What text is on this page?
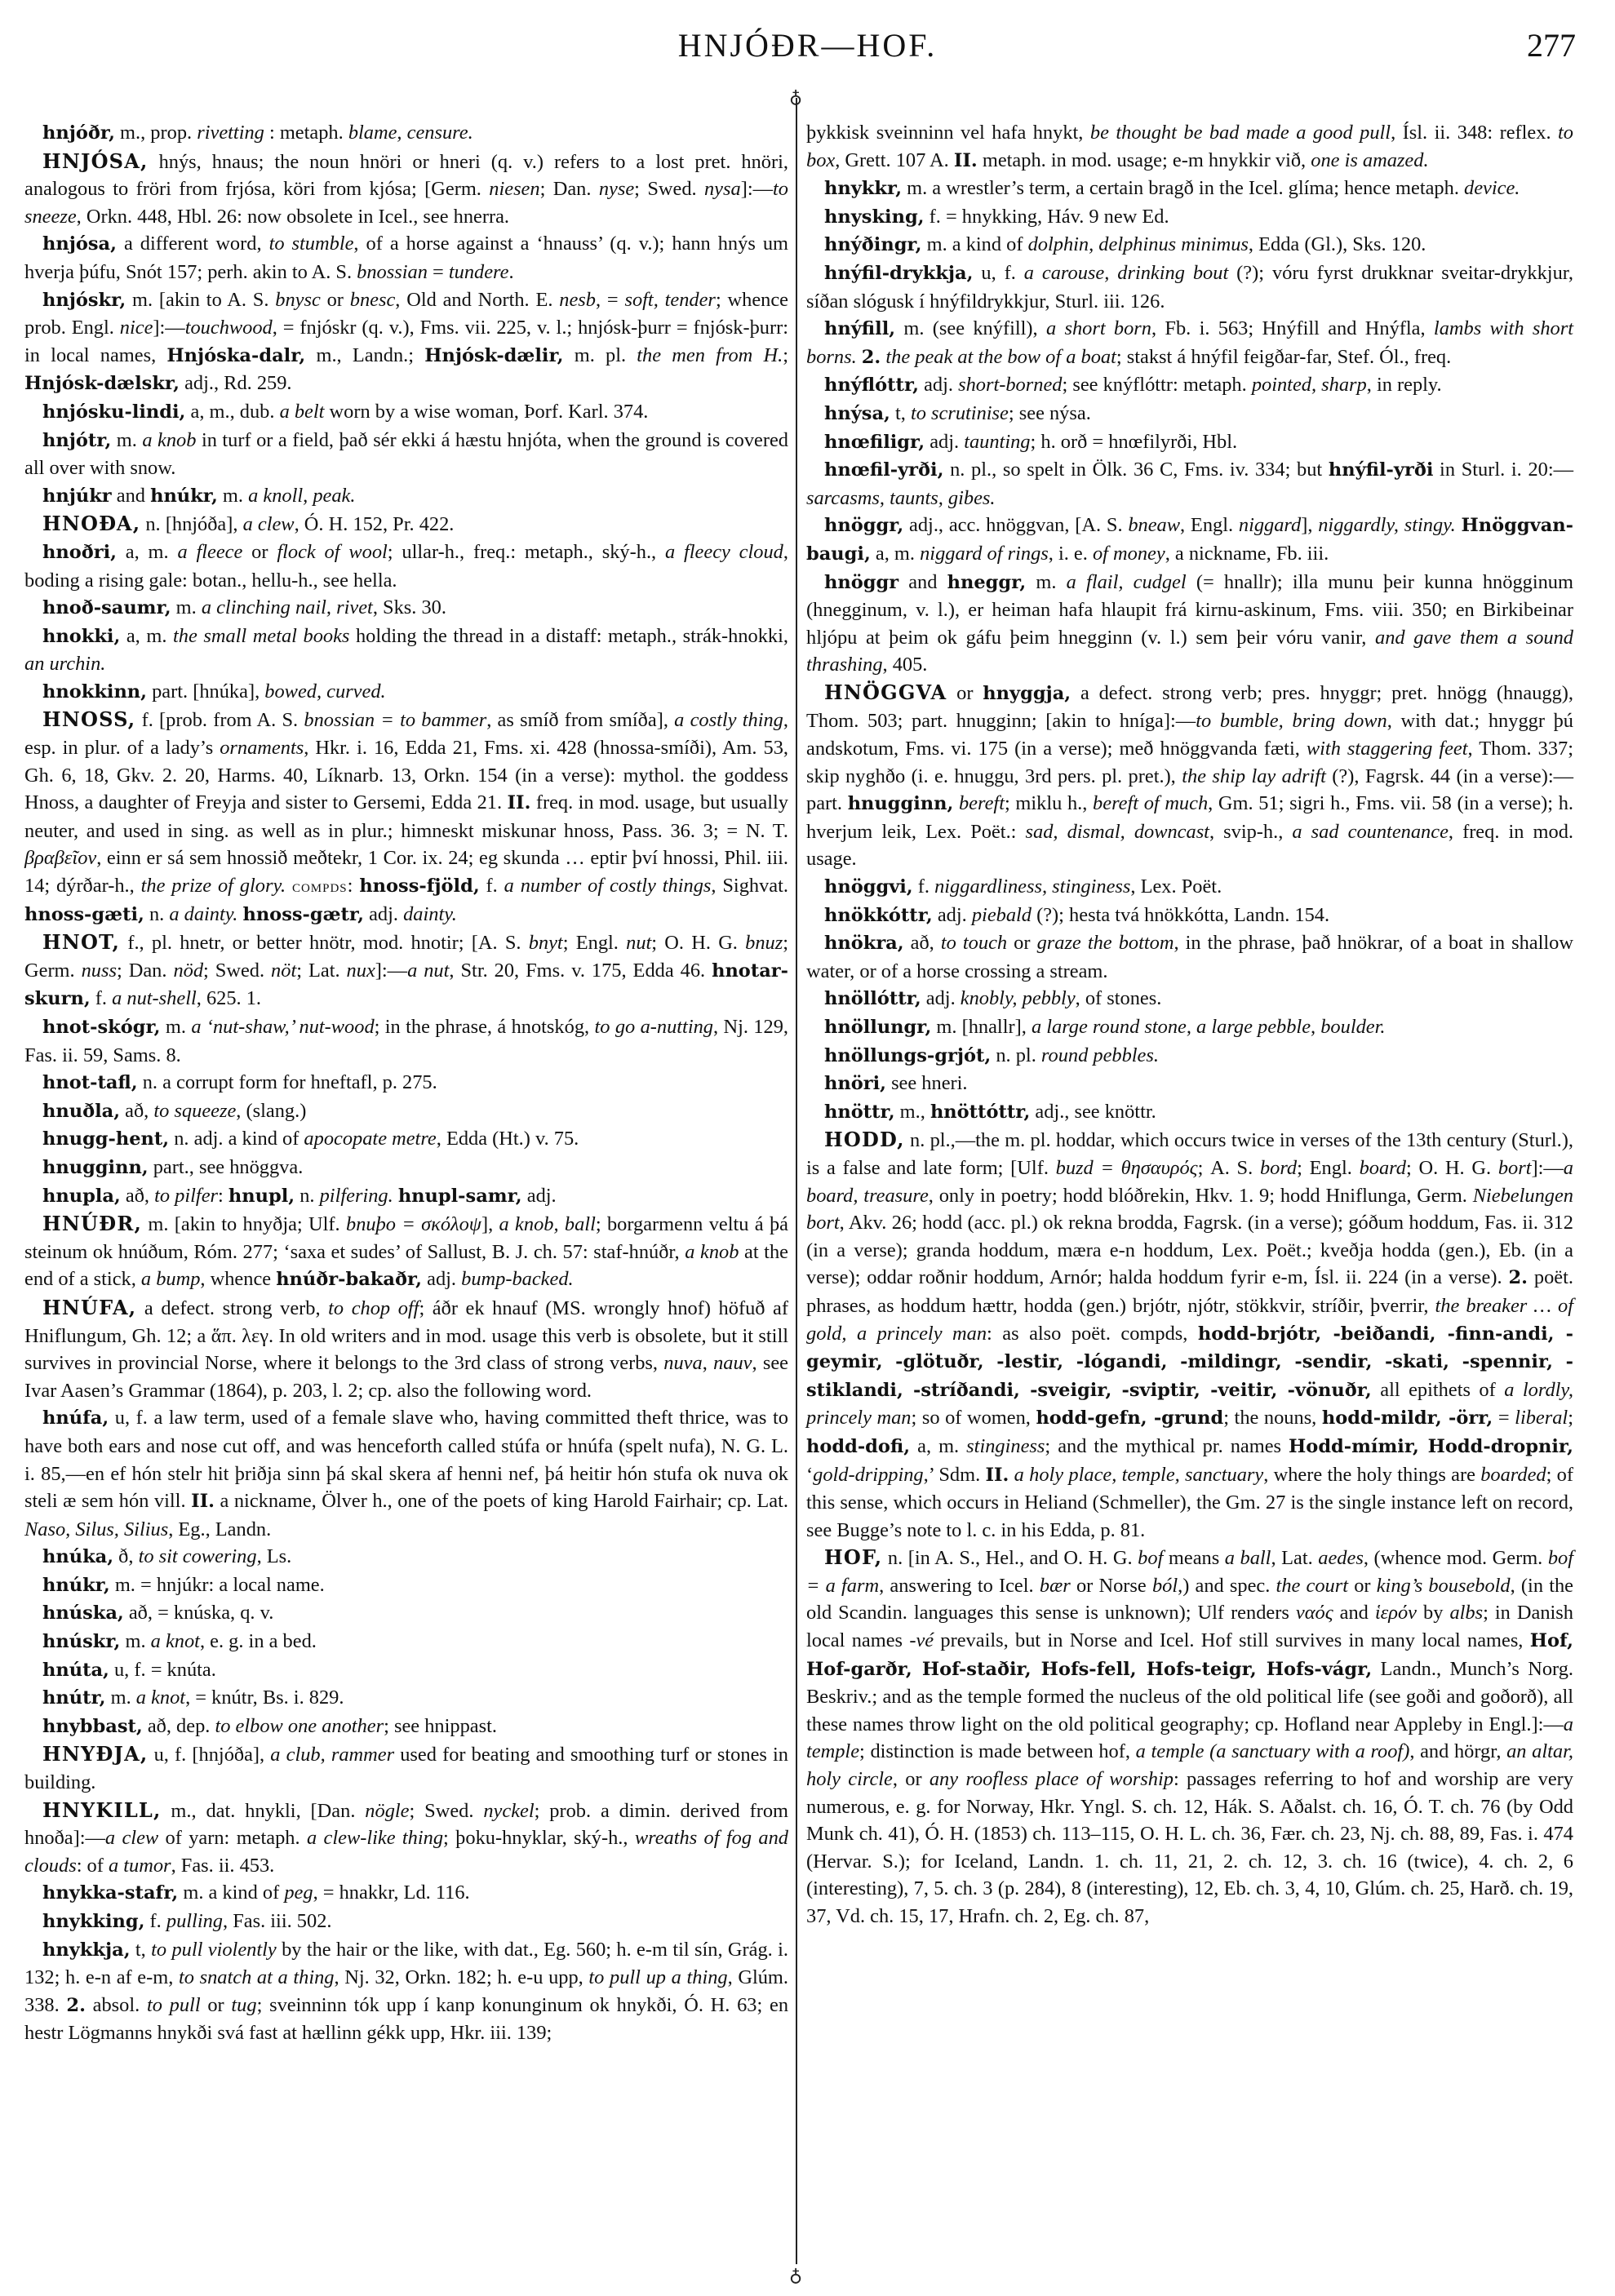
HNJÓÐR—HOF.	277
♁
♁

hnjóðr, m., prop. rivetting : metaph. blame, censure.

HNJÓSA, hnýs, hnaus; the noun hnöri or hneri (q. v.) refers to a lost pret. hnöri, analogous to fröri from frjósa, köri from kjósa; [Germ. niesen; Dan. nyse; Swed. nysa]:—to sneeze, Orkn. 448, Hbl. 26: now obsolete in Icel., see hnerra.

hnjósa, a different word, to stumble, of a horse against a ‘hnauss’ (q. v.); hann hnýs um hverja þúfu, Snót 157; perh. akin to A. S. bnossian = tundere.

hnjóskr, m. [akin to A. S. bnysc or bnesc, Old and North. E. nesb, = soft, tender; whence prob. Engl. nice]:—touchwood, = fnjóskr (q. v.), Fms. vii. 225, v. l.; hnjósk-þurr = fnjósk-þurr: in local names, Hnjóska-dalr, m., Landn.; Hnjósk-dælir, m. pl. the men from H.; Hnjósk-dælskr, adj., Rd. 259.

hnjósku-lindi, a, m., dub. a belt worn by a wise woman, Þorf. Karl. 374.

hnjótr, m. a knob in turf or a field, það sér ekki á hæstu hnjóta, when the ground is covered all over with snow.

hnjúkr and hnúkr, m. a knoll, peak.

HNOÐA, n. [hnjóða], a clew, Ó. H. 152, Pr. 422.

hnoðri, a, m. a fleece or flock of wool; ullar-h., freq.: metaph., ský-h., a fleecy cloud, boding a rising gale: botan., hellu-h., see hella.

hnoð-saumr, m. a clinching nail, rivet, Sks. 30.

hnokki, a, m. the small metal books holding the thread in a distaff: metaph., strák-hnokki, an urchin.

hnokkinn, part. [hnúka], bowed, curved.

HNOSS, f. [prob. from A. S. bnossian = to bammer, as smíð from smíða], a costly thing, esp. in plur. of a lady’s ornaments, Hkr. i. 16, Edda 21, Fms. xi. 428 (hnossa-smíði), Am. 53, Gh. 6, 18, Gkv. 2. 20, Harms. 40, Líknarb. 13, Orkn. 154 (in a verse): mythol. the goddess Hnoss, a daughter of Freyja and sister to Gersemi, Edda 21. II. freq. in mod. usage, but usually neuter, and used in sing. as well as in plur.; himneskt miskunar hnoss, Pass. 36. 3; = N. T. βραβεῖον, einn er sá sem hnossið meðtekr, 1 Cor. ix. 24; eg skunda … eptir því hnossi, Phil. iii. 14; dýrðar-h., the prize of glory. compds: hnoss-fjöld, f. a number of costly things, Sighvat. hnoss-gæti, n. a dainty. hnoss-gætr, adj. dainty.

HNOT, f., pl. hnetr, or better hnötr, mod. hnotir; [A. S. bnyt; Engl. nut; O. H. G. bnuz; Germ. nuss; Dan. nöd; Swed. nöt; Lat. nux]:—a nut, Str. 20, Fms. v. 175, Edda 46. hnotar-skurn, f. a nut-shell, 625. 1.

hnot-skógr, m. a ‘nut-shaw,’ nut-wood; in the phrase, á hnotskóg, to go a-nutting, Nj. 129, Fas. ii. 59, Sams. 8.

hnot-tafl, n. a corrupt form for hneftafl, p. 275.

hnuðla, að, to squeeze, (slang.)

hnugg-hent, n. adj. a kind of apocopate metre, Edda (Ht.) v. 75.

hnugginn, part., see hnöggva.

hnupla, að, to pilfer: hnupl, n. pilfering. hnupl-samr, adj.

HNÚÐR, m. [akin to hnyðja; Ulf. bnuþo = σκόλοψ], a knob, ball; borgarmenn veltu á þá steinum ok hnúðum, Róm. 277; ‘saxa et sudes’ of Sallust, B. J. ch. 57: staf-hnúðr, a knob at the end of a stick, a bump, whence hnúðr-bakaðr, adj. bump-backed.

HNÚFA, a defect. strong verb, to chop off; áðr ek hnauf (MS. wrongly hnof) höfuð af Hniflungum, Gh. 12; a ἅπ. λεγ. In old writers and in mod. usage this verb is obsolete, but it still survives in provincial Norse, where it belongs to the 3rd class of strong verbs, nuva, nauv, see Ivar Aasen’s Grammar (1864), p. 203, l. 2; cp. also the following word.

hnúfa, u, f. a law term, used of a female slave who, having committed theft thrice, was to have both ears and nose cut off, and was henceforth called stúfa or hnúfa (spelt nufa), N. G. L. i. 85,—en ef hón stelr hit þriðja sinn þá skal skera af henni nef, þá heitir hón stufa ok nuva ok steli æ sem hón vill. II. a nickname, Ölver h., one of the poets of king Harold Fairhair; cp. Lat. Naso, Silus, Silius, Eg., Landn.

hnúka, ð, to sit cowering, Ls.

hnúkr, m. = hnjúkr: a local name.

hnúska, að, = knúska, q. v.

hnúskr, m. a knot, e. g. in a bed.

hnúta, u, f. = knúta.

hnútr, m. a knot, = knútr, Bs. i. 829.

hnybbast, að, dep. to elbow one another; see hnippast.

HNYÐJA, u, f. [hnjóða], a club, rammer used for beating and smoothing turf or stones in building.

HNYKILL, m., dat. hnykli, [Dan. nögle; Swed. nyckel; prob. a dimin. derived from hnoða]:—a clew of yarn: metaph. a clew-like thing; þoku-hnyklar, ský-h., wreaths of fog and clouds: of a tumor, Fas. ii. 453.

hnykka-stafr, m. a kind of peg, = hnakkr, Ld. 116.

hnykking, f. pulling, Fas. iii. 502.

hnykkja, t, to pull violently by the hair or the like, with dat., Eg. 560; h. e-m til sín, Grág. i. 132; h. e-n af e-m, to snatch at a thing, Nj. 32, Orkn. 182; h. e-u upp, to pull up a thing, Glúm. 338. 2. absol. to pull or tug; sveinninn tók upp í kanp konunginum ok hnykði, Ó. H. 63; en hestr Lögmanns hnykði svá fast at hællinn gékk upp, Hkr. iii. 139;

þykkisk sveinninn vel hafa hnykt, be thought be bad made a good pull, Ísl. ii. 348: reflex. to box, Grett. 107 A. II. metaph. in mod. usage; e-m hnykkir við, one is amazed.

hnykkr, m. a wrestler’s term, a certain bragð in the Icel. glíma; hence metaph. device.

hnysking, f. = hnykking, Háv. 9 new Ed.

hnýðingr, m. a kind of dolphin, delphinus minimus, Edda (Gl.), Sks. 120.

hnýfil-drykkja, u, f. a carouse, drinking bout (?); vóru fyrst drukknar sveitar-drykkjur, síðan slógusk í hnýfildrykkjur, Sturl. iii. 126.

hnýfill, m. (see knýfill), a short born, Fb. i. 563; Hnýfill and Hnýfla, lambs with short borns. 2. the peak at the bow of a boat; stakst á hnýfil feigðar-far, Stef. Ól., freq.

hnýflóttr, adj. short-borned; see knýflóttr: metaph. pointed, sharp, in reply.

hnýsa, t, to scrutinise; see nýsa.

hnœfiligr, adj. taunting; h. orð = hnœfilyrði, Hbl.

hnœfil-yrði, n. pl., so spelt in Ölk. 36 C, Fms. iv. 334; but hnýfil-yrði in Sturl. i. 20:—sarcasms, taunts, gibes.

hnöggr, adj., acc. hnöggvan, [A. S. bneaw, Engl. niggard], niggardly, stingy. Hnöggvan-baugi, a, m. niggard of rings, i. e. of money, a nickname, Fb. iii.

hnöggr and hneggr, m. a flail, cudgel (= hnallr); illa munu þeir kunna hnögginum (hnegginum, v. l.), er heiman hafa hlaupit frá kirnu-askinum, Fms. viii. 350; en Birkibeinar hljópu at þeim ok gáfu þeim hnegginn (v. l.) sem þeir vóru vanir, and gave them a sound thrashing, 405.

HNÖGGVA or hnyggja, a defect. strong verb; pres. hnyggr; pret. hnögg (hnaugg), Thom. 503; part. hnugginn; [akin to hníga]:—to bumble, bring down, with dat.; hnyggr þú andskotum, Fms. vi. 175 (in a verse); með hnöggvanda fæti, with staggering feet, Thom. 337; skip nyghðo (i. e. hnuggu, 3rd pers. pl. pret.), the ship lay adrift (?), Fagrsk. 44 (in a verse):—part. hnugginn, bereft; miklu h., bereft of much, Gm. 51; sigri h., Fms. vii. 58 (in a verse); h. hverjum leik, Lex. Poët.: sad, dismal, downcast, svip-h., a sad countenance, freq. in mod. usage.

hnöggvi, f. niggardliness, stinginess, Lex. Poët.

hnökkóttr, adj. piebald (?); hesta tvá hnökkótta, Landn. 154.

hnökra, að, to touch or graze the bottom, in the phrase, það hnökrar, of a boat in shallow water, or of a horse crossing a stream.

hnöllóttr, adj. knobly, pebbly, of stones.

hnöllungr, m. [hnallr], a large round stone, a large pebble, boulder.

hnöllungs-grjót, n. pl. round pebbles.

hnöri, see hneri.

hnöttr, m., hnöttóttr, adj., see knöttr.

HODD, n. pl.,—the m. pl. hoddar, which occurs twice in verses of the 13th century (Sturl.), is a false and late form; [Ulf. buzd = θησαυρός; A. S. bord; Engl. board; O. H. G. bort]:—a board, treasure, only in poetry; hodd blóðrekin, Hkv. 1. 9; hodd Hniflunga, Germ. Niebelungen bort, Akv. 26; hodd (acc. pl.) ok rekna brodda, Fagrsk. (in a verse); góðum hoddum, Fas. ii. 312 (in a verse); granda hoddum, mæra e-n hoddum, Lex. Poët.; kveðja hodda (gen.), Eb. (in a verse); oddar roðnir hoddum, Arnór; halda hoddum fyrir e-m, Ísl. ii. 224 (in a verse). 2. poët. phrases, as hoddum hættr, hodda (gen.) brjótr, njótr, stökkvir, stríðir, þverrir, the breaker … of gold, a princely man: as also poët. compds, hodd-brjótr, -beiðandi, -finn-andi, -geymir, -glötuðr, -lestir, -lógandi, -mildingr, -sendir, -skati, -spennir, -stiklandi, -stríðandi, -sveigir, -sviptir, -veitir, -vönuðr, all epithets of a lordly, princely man; so of women, hodd-gefn, -grund; the nouns, hodd-mildr, -örr, = liberal; hodd-dofi, a, m. stinginess; and the mythical pr. names Hodd-mímir, Hodd-dropnir, ‘gold-dripping,’ Sdm. II. a holy place, temple, sanctuary, where the holy things are boarded; of this sense, which occurs in Heliand (Schmeller), the Gm. 27 is the single instance left on record, see Bugge’s note to l. c. in his Edda, p. 81.

HOF, n. [in A. S., Hel., and O. H. G. bof means a ball, Lat. aedes, (whence mod. Germ. bof = a farm, answering to Icel. bær or Norse ból,) and spec. the court or king’s bousebold, (in the old Scandin. languages this sense is unknown); Ulf renders ναός and ἱερόν by albs; in Danish local names -vé prevails, but in Norse and Icel. Hof still survives in many local names, Hof, Hof-garðr, Hof-staðir, Hofs-fell, Hofs-teigr, Hofs-vágr, Landn., Munch’s Norg. Beskriv.; and as the temple formed the nucleus of the old political life (see goði and goðorð), all these names throw light on the old political geography; cp. Hofland near Appleby in Engl.]:—a temple; distinction is made between hof, a temple (a sanctuary with a roof), and hörgr, an altar, holy circle, or any roofless place of worship: passages referring to hof and worship are very numerous, e. g. for Norway, Hkr. Yngl. S. ch. 12, Hák. S. Aðalst. ch. 16, Ó. T. ch. 76 (by Odd Munk ch. 41), Ó. H. (1853) ch. 113–115, O. H. L. ch. 36, Fær. ch. 23, Nj. ch. 88, 89, Fas. i. 474 (Hervar. S.); for Iceland, Landn. 1. ch. 11, 21, 2. ch. 12, 3. ch. 16 (twice), 4. ch. 2, 6 (interesting), 7, 5. ch. 3 (p. 284), 8 (interesting), 12, Eb. ch. 3, 4, 10, Glúm. ch. 25, Harð. ch. 19, 37, Vd. ch. 15, 17, Hrafn. ch. 2, Eg. ch. 87,
